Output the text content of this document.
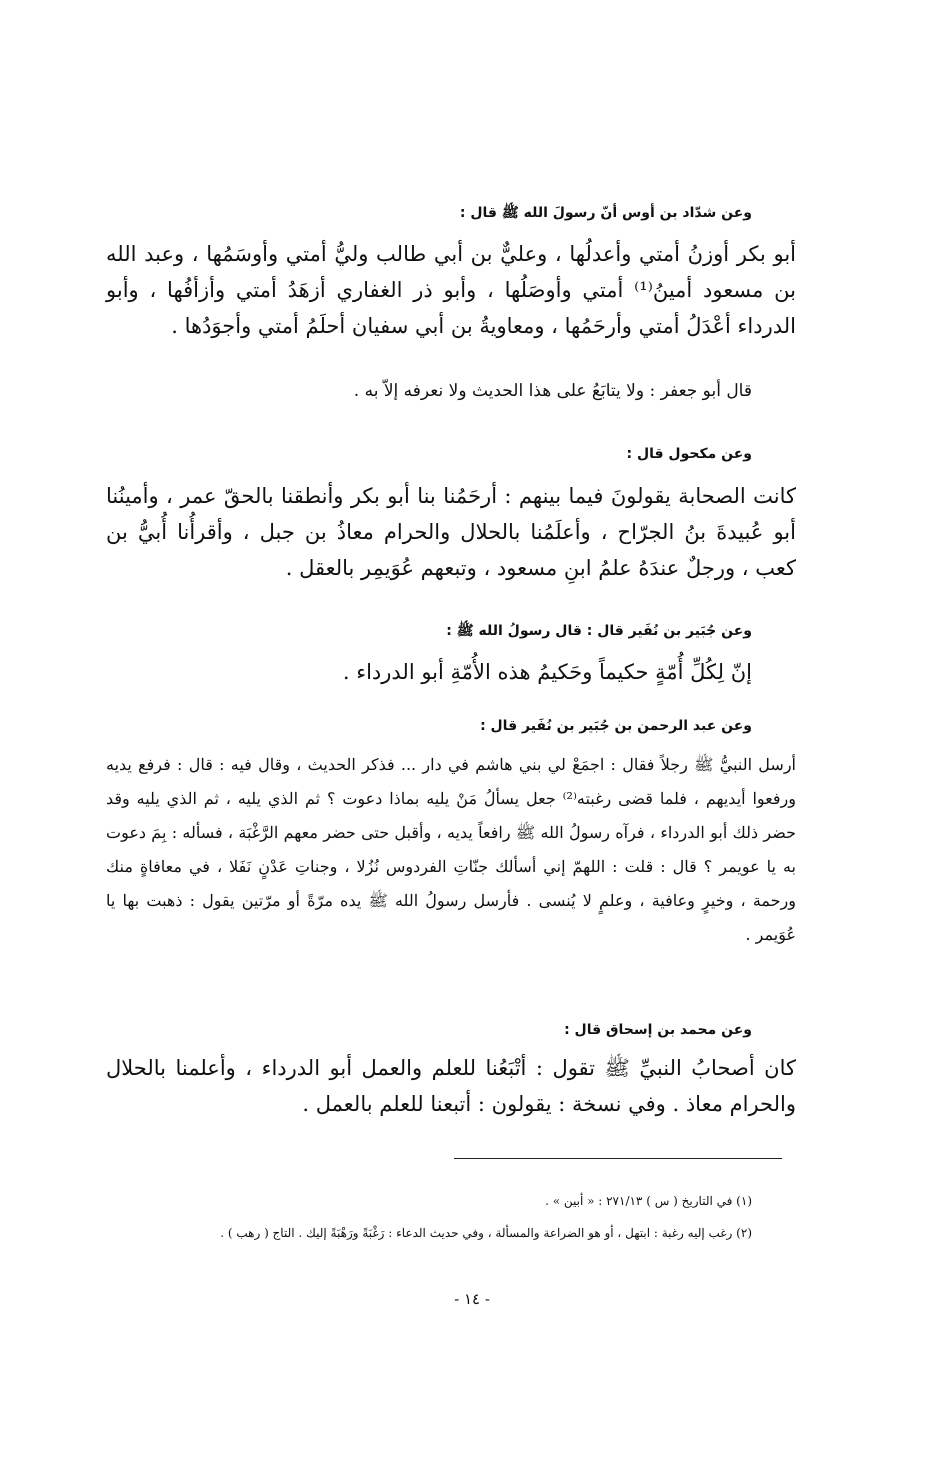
وعن شدّاد بن أوس أنّ رسولَ الله ﷺ قال :
أبو بكر أوزنُ أمتي وأعدلُها ، وعليٌّ بن أبي طالب وليُّ أمتي وأوسَمُها ، وعبد الله بن مسعود أمينُ⁽¹⁾ أمتي وأوصَلُها ، وأبو ذر الغفاري أزهَدُ أمتي وأزأفُها ، وأبو الدرداء أعْدَلُ أمتي وأرحَمُها ، ومعاويةُ بن أبي سفيان أحلَمُ أمتي وأجوَدُها .
قال أبو جعفر : ولا يتابَعُ على هذا الحديث ولا نعرفه إلاّ به .
وعن مكحول قال :
كانت الصحابة يقولونَ فيما بينهم : أرحَمُنا بنا أبو بكر وأنطقنا بالحقّ عمر ، وأمينُنا أبو عُبيدةَ بنُ الجرّاح ، وأعلَمُنا بالحلال والحرام معاذُ بن جبل ، وأقرأُنا أُبيُّ بن كعب ، ورجلٌ عندَهُ علمُ ابنِ مسعود ، وتبعهم عُوَيمِر بالعقل .
وعن جُبَير بن نُفَير قال : قال رسولُ الله ﷺ :
إنّ لِكُلِّ أُمّةٍ حكيماً وحَكيمُ هذه الأُمّةِ أبو الدرداء .
وعن عبد الرحمن بن جُبَير بن نُفَير قال :
أرسل النبيُّ ﷺ رجلاً فقال : اجمَعْ لي بني هاشم في دار ... فذكر الحديث ، وقال فيه : قال : فرفع يديه ورفعوا أيديهم ، فلما قضى رغبته⁽²⁾ جعل يسألُ مَنْ يليه بماذا دعوت ؟ ثم الذي يليه ، ثم الذي يليه وقد حضر ذلك أبو الدرداء ، فرآه رسولُ الله ﷺ رافعاً يديه ، وأقبل حتى حضر معهم الرَّغْبَة ، فسأله : بِمَ دعوت به يا عويمر ؟ قال : قلت : اللهمّ إني أسألك جنّاتِ الفردوس نُزُلا ، وجناتِ عَدْنٍ نَفَلا ، في معافاةٍ منك ورحمة ، وخيرٍ وعافية ، وعلمٍ لا يُنسى . فأرسل رسولُ الله ﷺ يده مرّةً أو مرّتين يقول : ذهبت بها يا عُوَيمر .
وعن محمد بن إسحاق قال :
كان أصحابُ النبيِّ ﷺ تقول : أتْبَعُنا للعلم والعمل أبو الدرداء ، وأعلمنا بالحلال والحرام معاذ . وفي نسخة : يقولون : أتبعنا للعلم بالعمل .
(١) في التاريخ ( س ) ٢٧١/١٣ : « أبين » .
(٢) رغب إليه رغبة : ابتهل ، أو هو الضراعة والمسألة ، وفي حديث الدعاء : رَغْبَةً ورَهْبَةً إليك . التاج ( رهب ) .
- ١٤ -
